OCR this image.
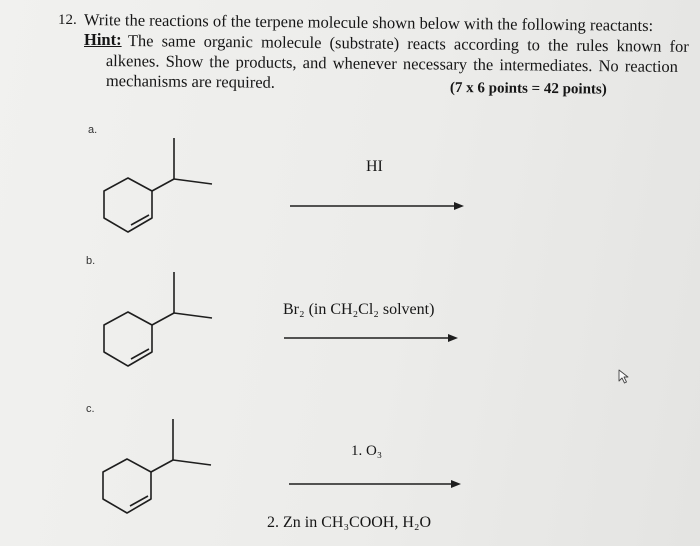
12. Write the reactions of the terpene molecule shown below with the following reactants:
Hint: The same organic molecule (substrate) reacts according to the rules known for
alkenes. Show the products, and whenever necessary the intermediates. No reaction
mechanisms are required.	(7 x 6 points = 42 points)
a.
b.
c.
HI
Br₂ (in CH₂Cl₂ solvent)
1. O₃
2. Zn in CH₃COOH, H₂O
